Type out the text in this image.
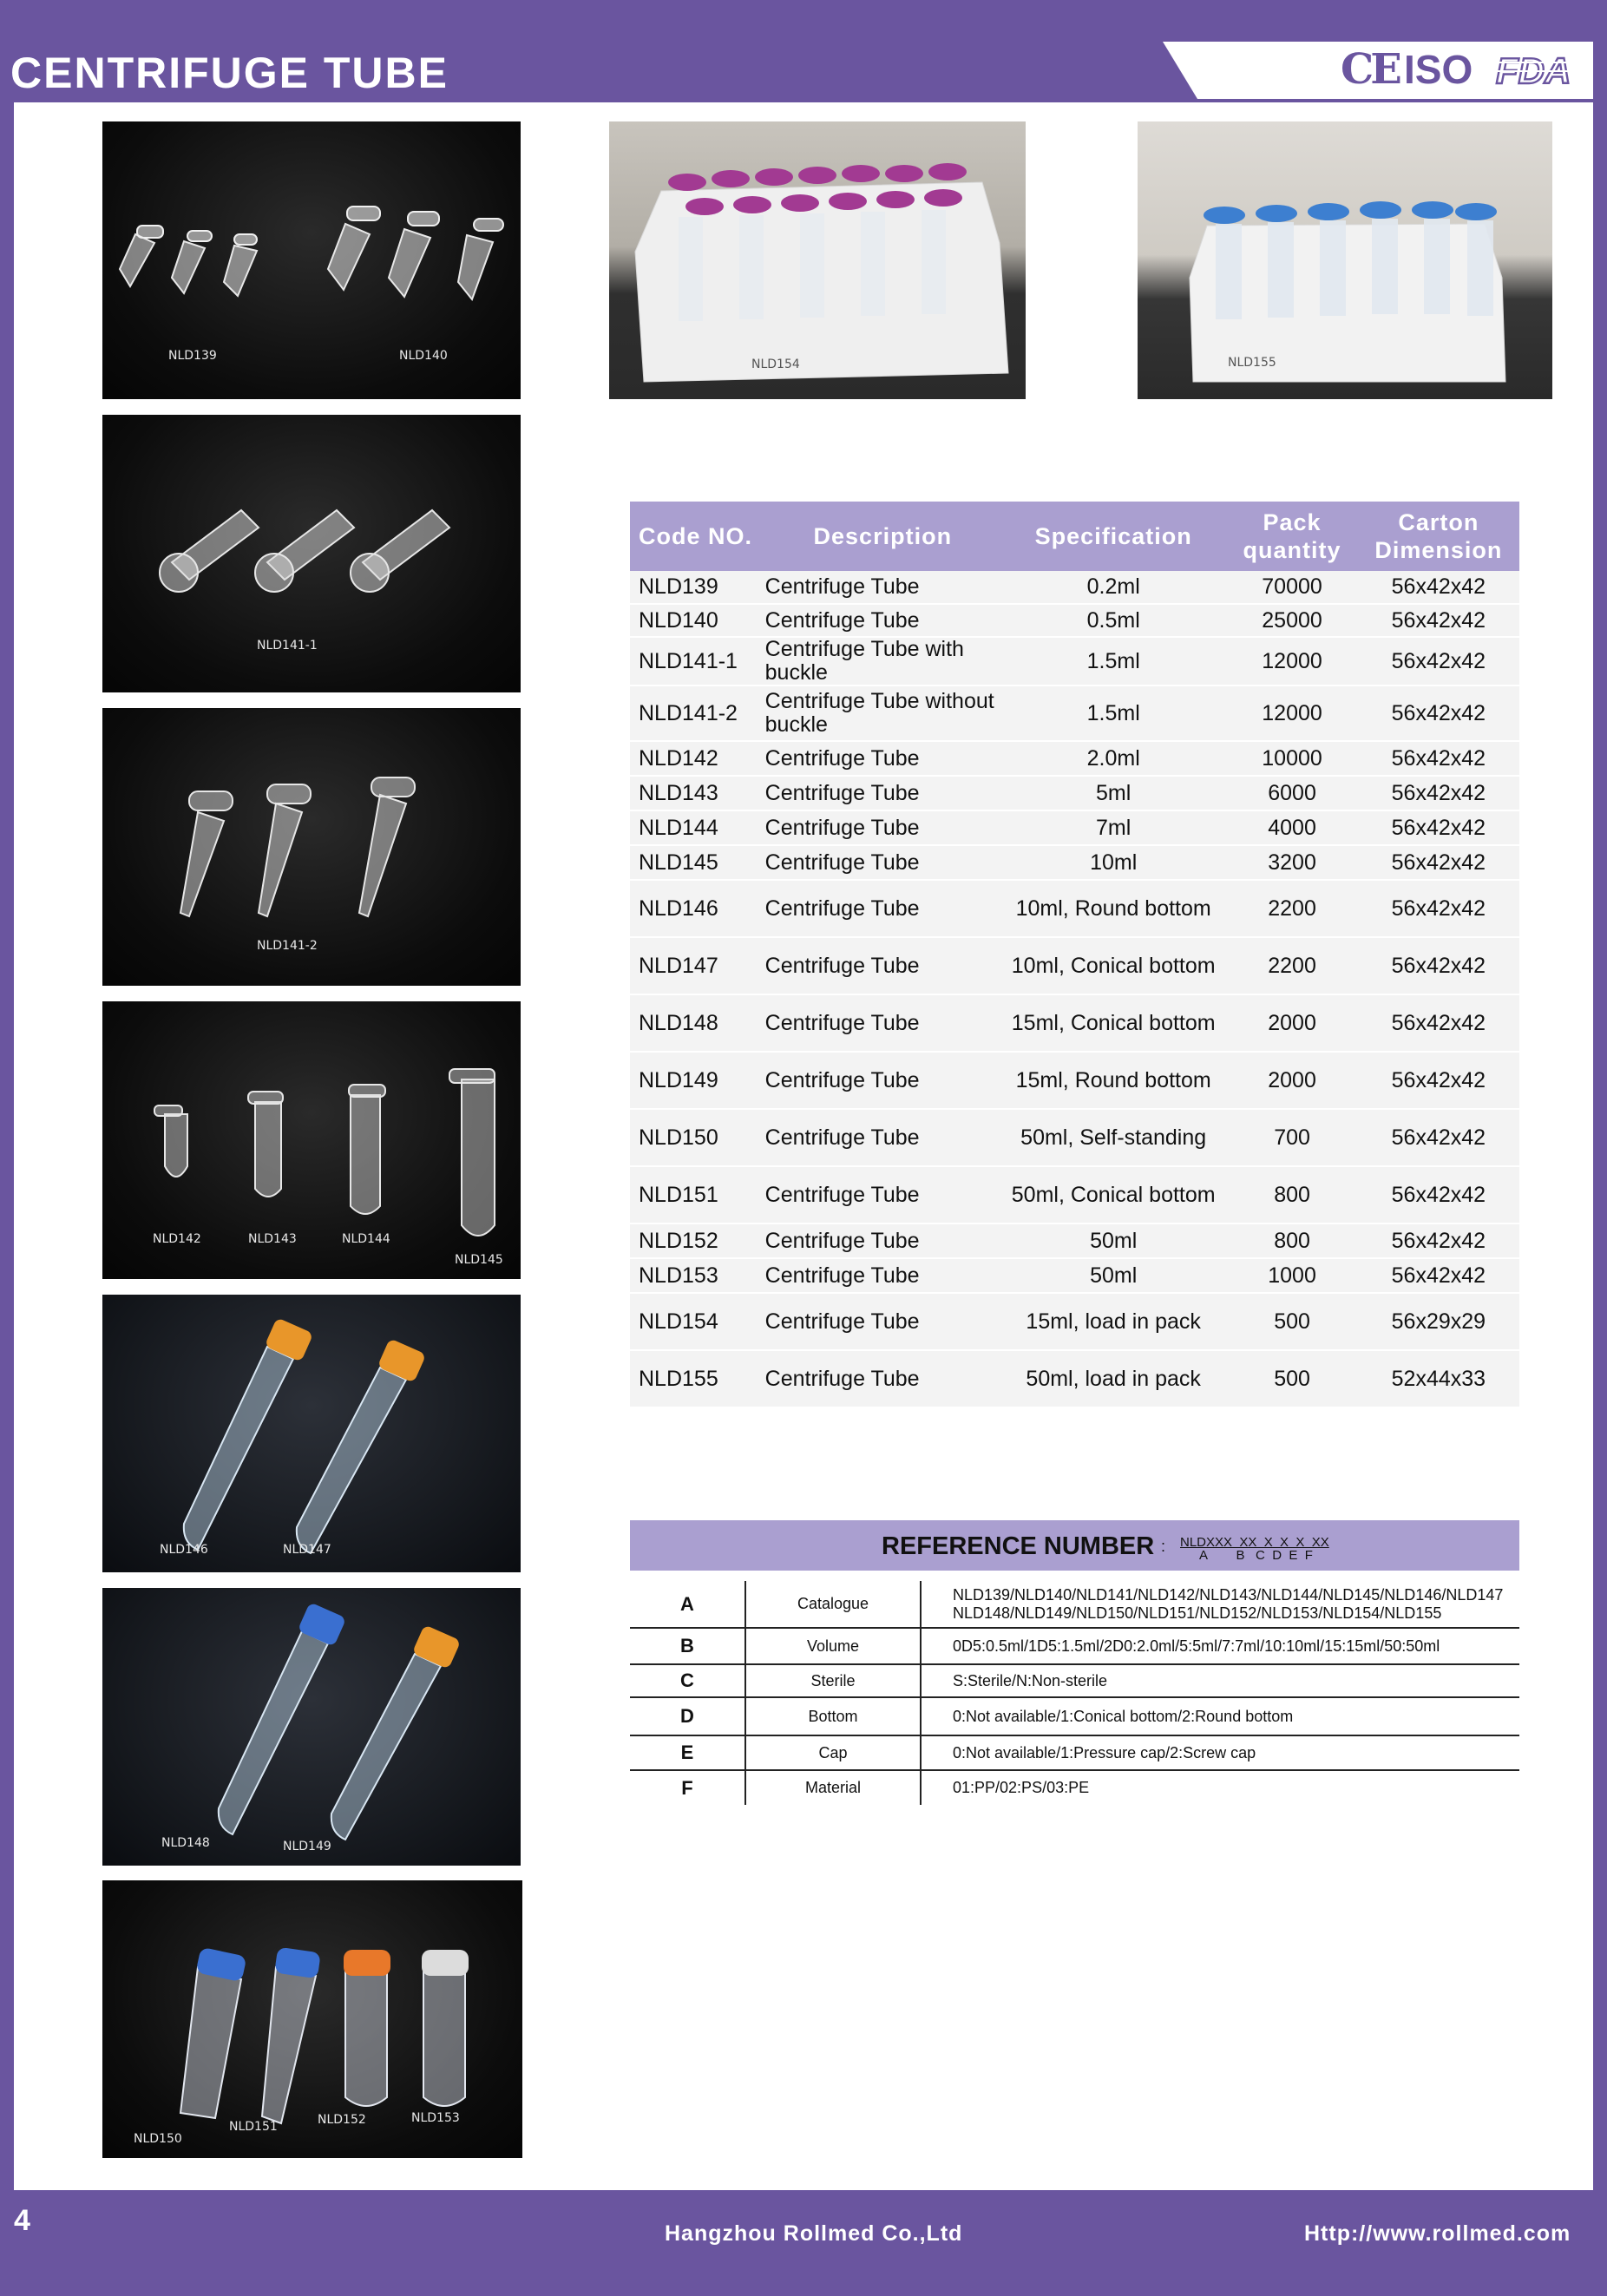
CENTRIFUGE TUBE	CE ISO FDA
NLD139	NLD140
NLD141-1
NLD141-2
NLD142	NLD143	NLD144
NLD145
NLD146	NLD147
NLD148	NLD149
NLD150
NLD151	NLD152	NLD153
NLD154	NLD155
Code NO.	Description	Specification	Pack quantity	Carton Dimension
NLD139	Centrifuge Tube	0.2ml	70000	56x42x42
NLD140	Centrifuge Tube	0.5ml	25000	56x42x42
NLD141-1	Centrifuge Tube with buckle	1.5ml	12000	56x42x42
NLD141-2	Centrifuge Tube without buckle	1.5ml	12000	56x42x42
NLD142	Centrifuge Tube	2.0ml	10000	56x42x42
NLD143	Centrifuge Tube	5ml	6000	56x42x42
NLD144	Centrifuge Tube	7ml	4000	56x42x42
NLD145	Centrifuge Tube	10ml	3200	56x42x42
NLD146	Centrifuge Tube	10ml, Round bottom	2200	56x42x42
NLD147	Centrifuge Tube	10ml, Conical bottom	2200	56x42x42
NLD148	Centrifuge Tube	15ml, Conical bottom	2000	56x42x42
NLD149	Centrifuge Tube	15ml, Round bottom	2000	56x42x42
NLD150	Centrifuge Tube	50ml, Self-standing	700	56x42x42
NLD151	Centrifuge Tube	50ml, Conical bottom	800	56x42x42
NLD152	Centrifuge Tube	50ml	800	56x42x42
NLD153	Centrifuge Tube	50ml	1000	56x42x42
NLD154	Centrifuge Tube	15ml, load in pack	500	56x29x29
NLD155	Centrifuge Tube	50ml, load in pack	500	52x44x33
REFERENCE NUMBER : NLDXXX  XX  X  X  X  XX
A        B   C  D  E  F
A	Catalogue	NLD139/NLD140/NLD141/NLD142/NLD143/NLD144/NLD145/NLD146/NLD147
NLD148/NLD149/NLD150/NLD151/NLD152/NLD153/NLD154/NLD155

B	Volume	0D5:0.5ml/1D5:1.5ml/2D0:2.0ml/5:5ml/7:7ml/10:10ml/15:15ml/50:50ml
C	Sterile	S:Sterile/N:Non-sterile
D	Bottom	0:Not available/1:Conical bottom/2:Round bottom
E	Cap	0:Not available/1:Pressure cap/2:Screw cap
F	Material	01:PP/02:PS/03:PE
4	Hangzhou Rollmed Co.,Ltd	Http://www.rollmed.com
